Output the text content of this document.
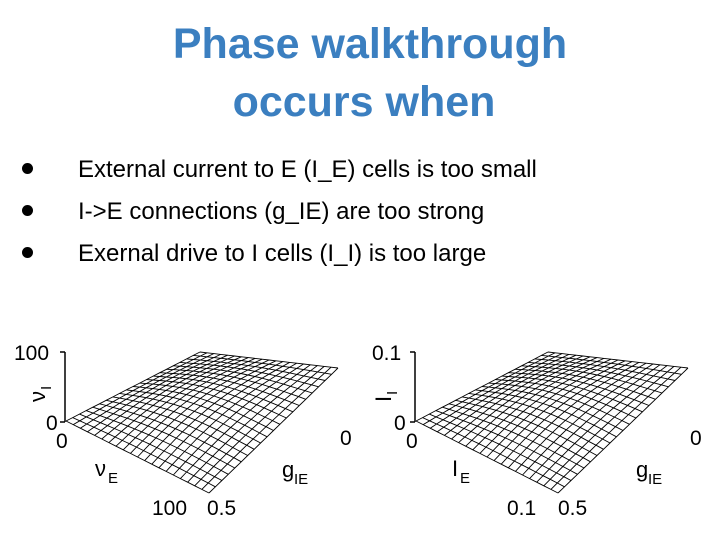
Phase walkthrough
occurs when
External current to E (I_E) cells is too small
I->E connections (g_IE) are too strong
Exernal drive to I cells (I_I) is too large
100
0
0	0
100 0.5
ν
I
ν E	g IE
0.1
0
0	0
0.1 0.5
I
I
I E	g IE
